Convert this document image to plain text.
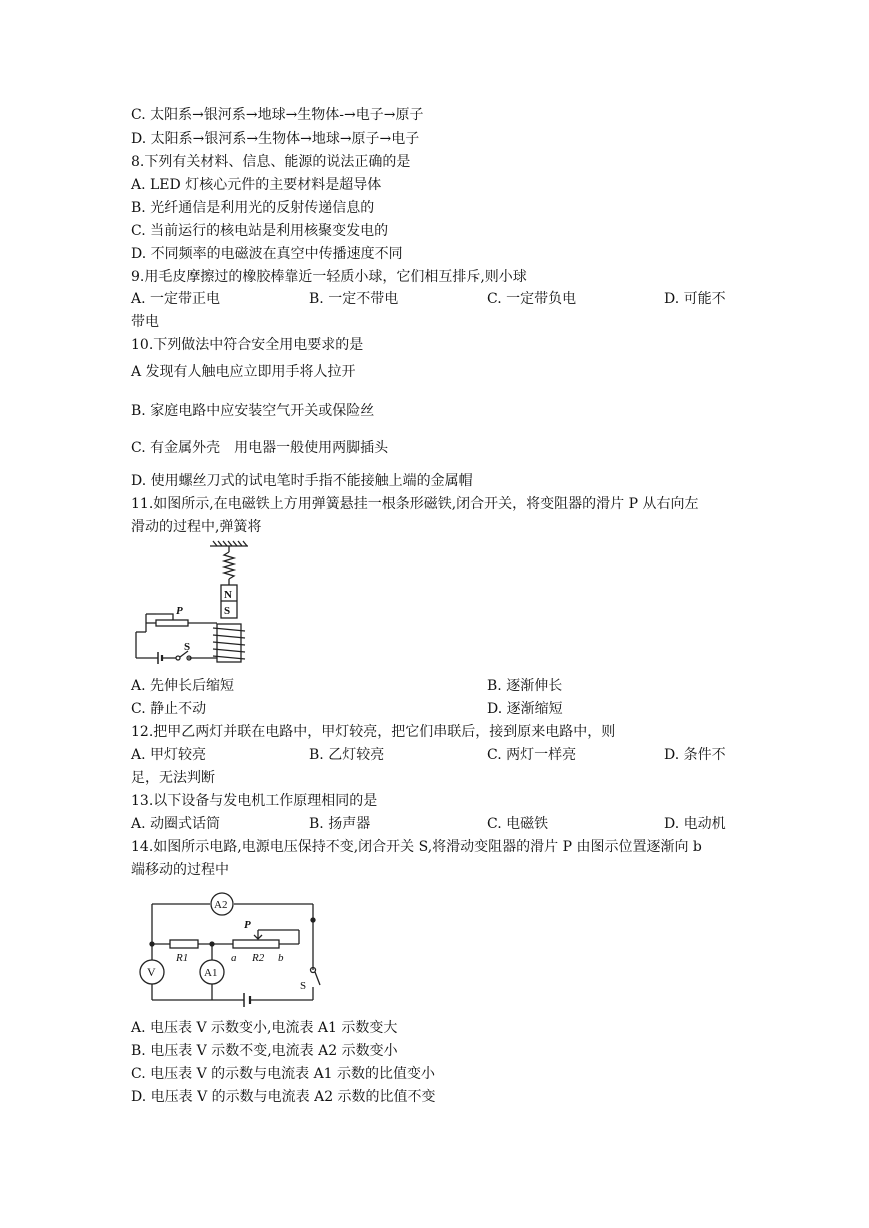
C. 太阳系→银河系→地球→生物体-→电子→原子
D. 太阳系→银河系→生物体→地球→原子→电子
8.下列有关材料、信息、能源的说法正确的是
A. LED 灯核心元件的主要材料是超导体
B. 光纤通信是利用光的反射传递信息的
C. 当前运行的核电站是利用核聚变发电的
D. 不同频率的电磁波在真空中传播速度不同
9.用毛皮摩擦过的橡胶棒靠近一轻质小球，它们相互排斥,则小球
A. 一定带正电	B. 一定不带电	C. 一定带负电	D. 可能不
带电
10.下列做法中符合安全用电要求的是
A 发现有人触电应立即用手将人拉开
B. 家庭电路中应安装空气开关或保险丝
C. 有金属外壳　用电器一般使用两脚插头
D. 使用螺丝刀式的试电笔时手指不能接触上端的金属帽
11.如图所示,在电磁铁上方用弹簧悬挂一根条形磁铁,闭合开关，将变阻器的滑片 P 从右向左
滑动的过程中,弹簧将
N
S
P
S
A. 先伸长后缩短	B. 逐渐伸长
C. 静止不动	D. 逐渐缩短
12.把甲乙两灯并联在电路中，甲灯较亮，把它们串联后，接到原来电路中，则
A. 甲灯较亮	B. 乙灯较亮	C. 两灯一样亮	D. 条件不
足，无法判断
13.以下设备与发电机工作原理相同的是
A. 动圈式话筒	B. 扬声器	C. 电磁铁	D. 电动机
14.如图所示电路,电源电压保持不变,闭合开关 S,将滑动变阻器的滑片 P 由图示位置逐渐向 b
端移动的过程中
A2
A1
V
R1	R2
P
a	b
S
A. 电压表 V 示数变小,电流表 A1 示数变大
B. 电压表 V 示数不变,电流表 A2 示数变小
C. 电压表 V 的示数与电流表 A1 示数的比值变小
D. 电压表 V 的示数与电流表 A2 示数的比值不变
